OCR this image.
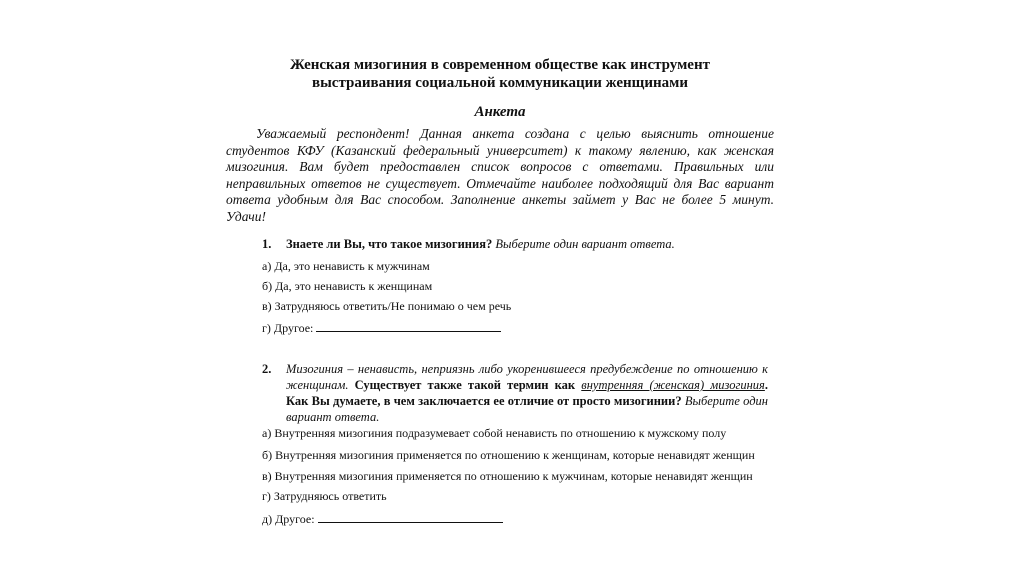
Женская мизогиния в современном обществе как инструмент
выстраивания социальной коммуникации женщинами
Анкета
Уважаемый респондент! Данная анкета создана с целью выяснить отношение студентов КФУ (Казанский федеральный университет) к такому явлению, как женская мизогиния. Вам будет предоставлен список вопросов с ответами. Правильных или неправильных ответов не существует. Отмечайте наиболее подходящий для Вас вариант ответа удобным для Вас способом. Заполнение анкеты займет у Вас не более 5 минут. Удачи!
1. Знаете ли Вы, что такое мизогиния? Выберите один вариант ответа.
а) Да, это ненависть к мужчинам
б) Да, это ненависть к женщинам
в) Затрудняюсь ответить/Не понимаю о чем речь
г) Другое:
2. Мизогиния – ненависть, неприязнь либо укоренившееся предубеждение по отношению к женщинам. Существует также такой термин как внутренняя (женская) мизогиния. Как Вы думаете, в чем заключается ее отличие от просто мизогинии? Выберите один вариант ответа.
а) Внутренняя мизогиния подразумевает собой ненависть по отношению к мужскому полу
б) Внутренняя мизогиния применяется по отношению к женщинам, которые ненавидят женщин
в) Внутренняя мизогиния применяется по отношению к мужчинам, которые ненавидят женщин
г) Затрудняюсь ответить
д) Другое:
